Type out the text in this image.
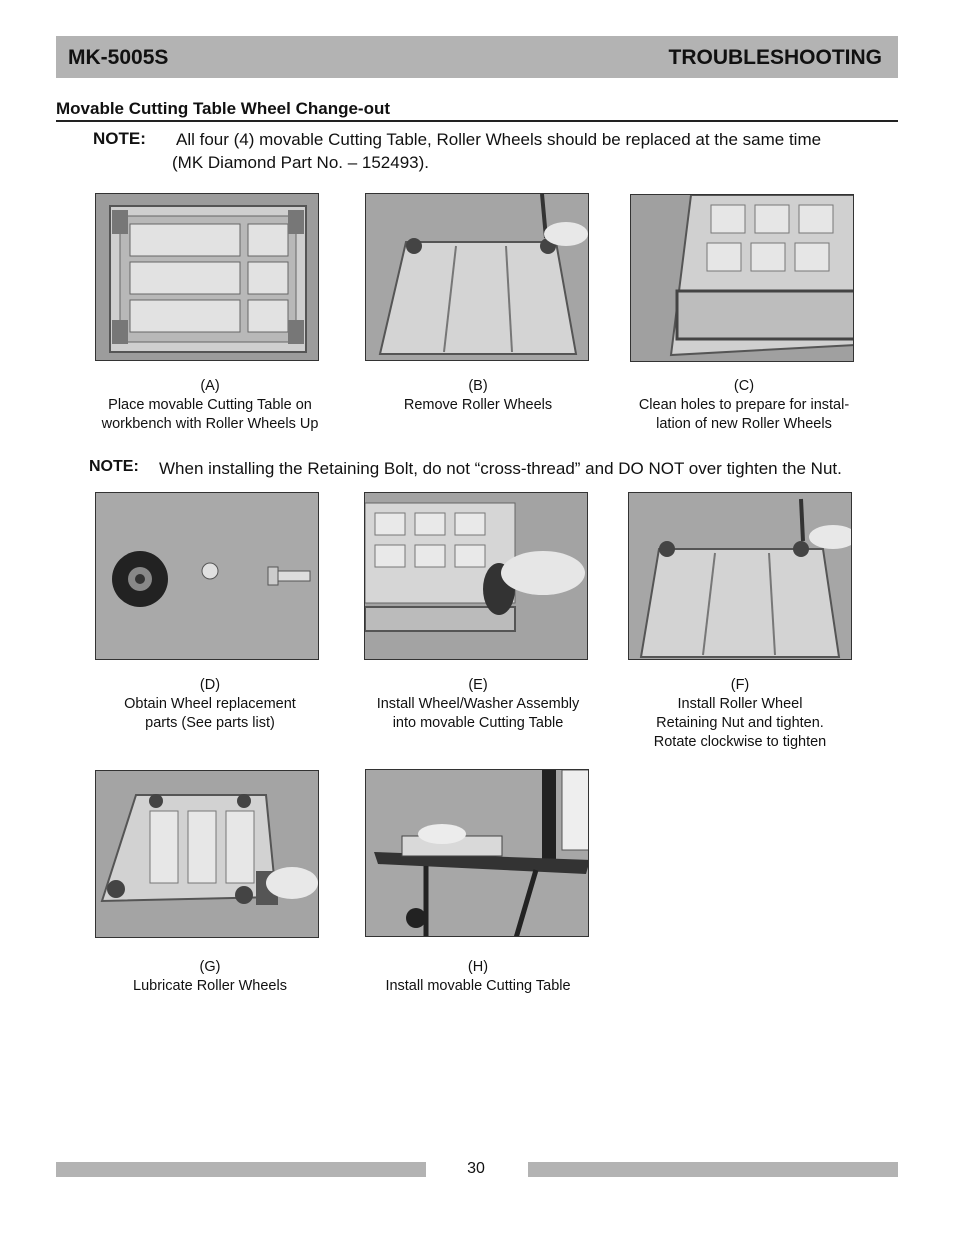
MK-5005S	TROUBLESHOOTING
Movable Cutting Table Wheel Change-out
NOTE: All four (4) movable Cutting Table, Roller Wheels should be replaced at the same time
(MK Diamond Part No. – 152493).
(A)
Place movable Cutting Table on
workbench with Roller Wheels Up
(B)
Remove Roller Wheels
(C)
Clean holes to prepare for instal-
lation of new Roller Wheels
NOTE: When installing the Retaining Bolt, do not “cross-thread” and DO NOT over tighten the Nut.
(D)
Obtain Wheel replacement
parts (See parts list)
(E)
Install Wheel/Washer Assembly
into movable Cutting Table
(F)
Install Roller Wheel
Retaining Nut and tighten.
Rotate clockwise to tighten
(G)
Lubricate Roller Wheels
(H)
Install movable Cutting Table
30
